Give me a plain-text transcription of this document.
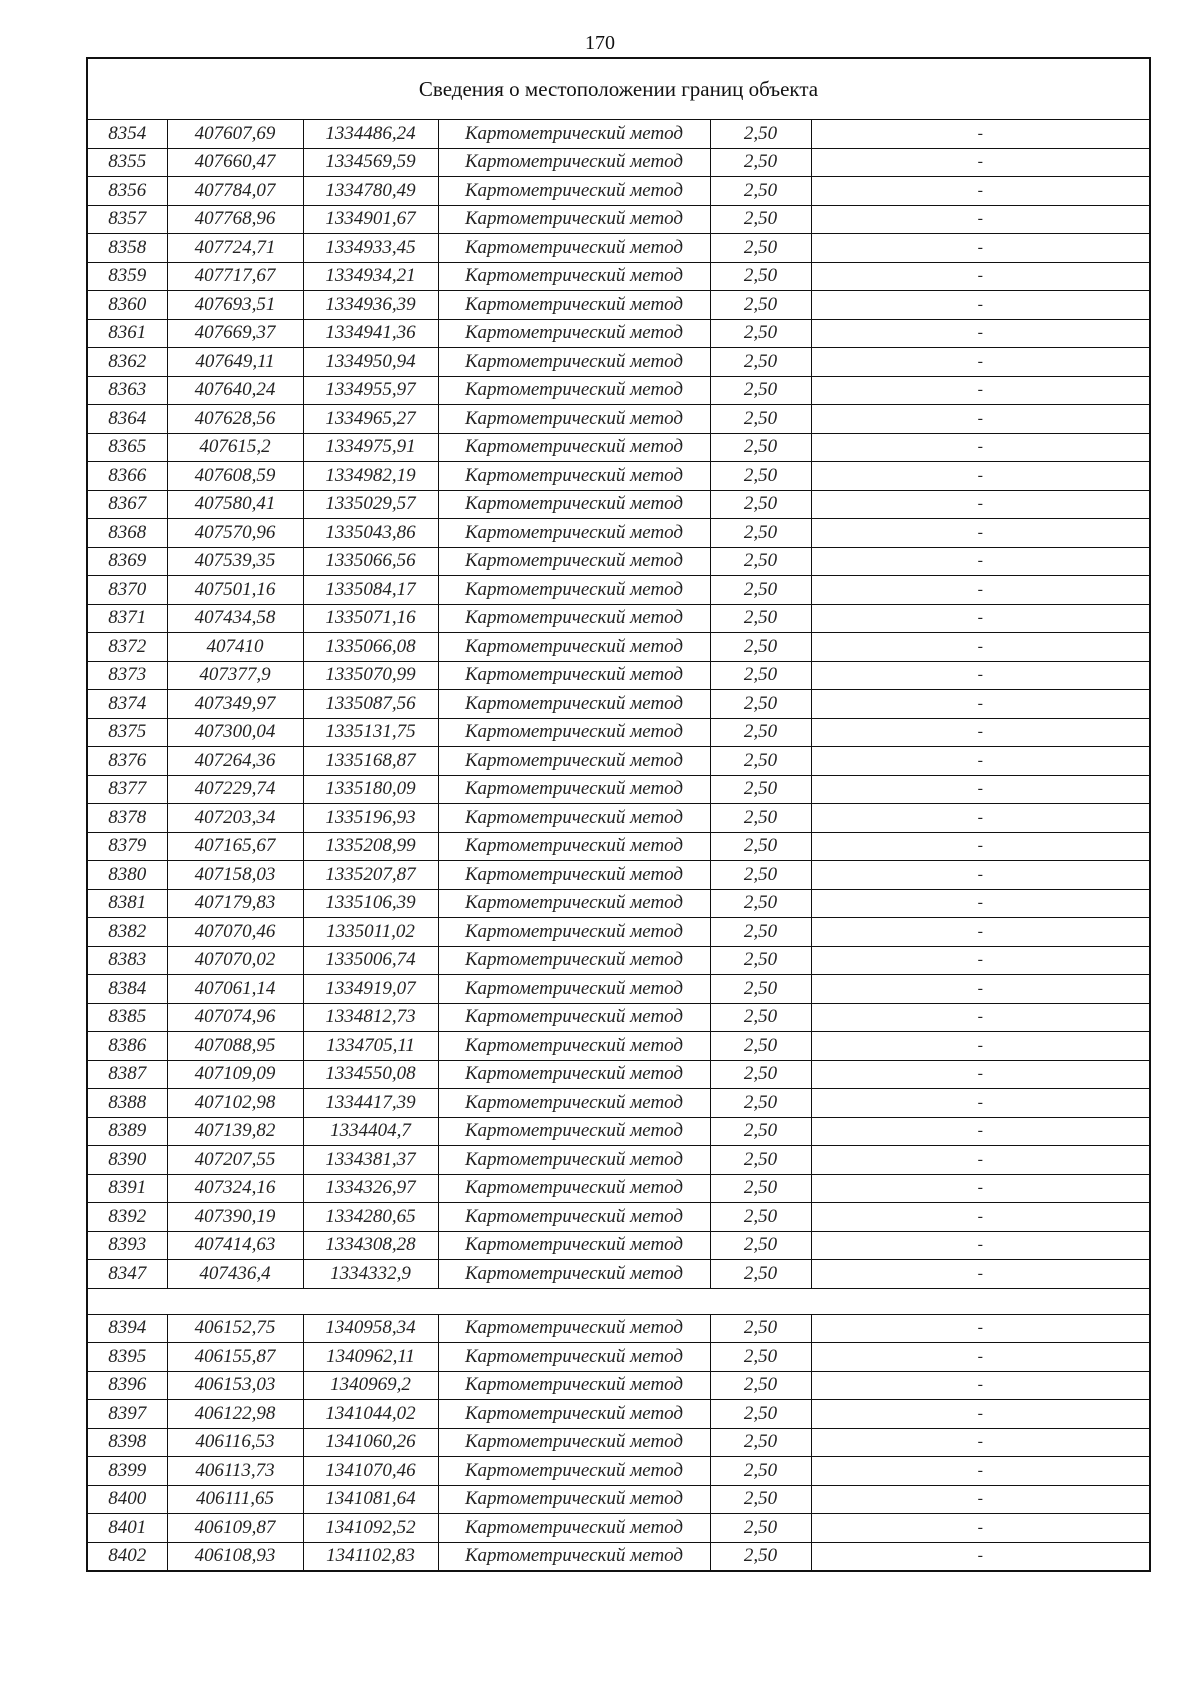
170
Сведения о местоположении границ объекта					
8354	407607,69	1334486,24	Картометрический метод	2,50	-
8355	407660,47	1334569,59	Картометрический метод	2,50	-
8356	407784,07	1334780,49	Картометрический метод	2,50	-
8357	407768,96	1334901,67	Картометрический метод	2,50	-
8358	407724,71	1334933,45	Картометрический метод	2,50	-
8359	407717,67	1334934,21	Картометрический метод	2,50	-
8360	407693,51	1334936,39	Картометрический метод	2,50	-
8361	407669,37	1334941,36	Картометрический метод	2,50	-
8362	407649,11	1334950,94	Картометрический метод	2,50	-
8363	407640,24	1334955,97	Картометрический метод	2,50	-
8364	407628,56	1334965,27	Картометрический метод	2,50	-
8365	407615,2	1334975,91	Картометрический метод	2,50	-
8366	407608,59	1334982,19	Картометрический метод	2,50	-
8367	407580,41	1335029,57	Картометрический метод	2,50	-
8368	407570,96	1335043,86	Картометрический метод	2,50	-
8369	407539,35	1335066,56	Картометрический метод	2,50	-
8370	407501,16	1335084,17	Картометрический метод	2,50	-
8371	407434,58	1335071,16	Картометрический метод	2,50	-
8372	407410	1335066,08	Картометрический метод	2,50	-
8373	407377,9	1335070,99	Картометрический метод	2,50	-
8374	407349,97	1335087,56	Картометрический метод	2,50	-
8375	407300,04	1335131,75	Картометрический метод	2,50	-
8376	407264,36	1335168,87	Картометрический метод	2,50	-
8377	407229,74	1335180,09	Картометрический метод	2,50	-
8378	407203,34	1335196,93	Картометрический метод	2,50	-
8379	407165,67	1335208,99	Картометрический метод	2,50	-
8380	407158,03	1335207,87	Картометрический метод	2,50	-
8381	407179,83	1335106,39	Картометрический метод	2,50	-
8382	407070,46	1335011,02	Картометрический метод	2,50	-
8383	407070,02	1335006,74	Картометрический метод	2,50	-
8384	407061,14	1334919,07	Картометрический метод	2,50	-
8385	407074,96	1334812,73	Картометрический метод	2,50	-
8386	407088,95	1334705,11	Картометрический метод	2,50	-
8387	407109,09	1334550,08	Картометрический метод	2,50	-
8388	407102,98	1334417,39	Картометрический метод	2,50	-
8389	407139,82	1334404,7	Картометрический метод	2,50	-
8390	407207,55	1334381,37	Картометрический метод	2,50	-
8391	407324,16	1334326,97	Картометрический метод	2,50	-
8392	407390,19	1334280,65	Картометрический метод	2,50	-
8393	407414,63	1334308,28	Картометрический метод	2,50	-
8347	407436,4	1334332,9	Картометрический метод	2,50	-

8394	406152,75	1340958,34	Картометрический метод	2,50	-
8395	406155,87	1340962,11	Картометрический метод	2,50	-
8396	406153,03	1340969,2	Картометрический метод	2,50	-
8397	406122,98	1341044,02	Картометрический метод	2,50	-
8398	406116,53	1341060,26	Картометрический метод	2,50	-
8399	406113,73	1341070,46	Картометрический метод	2,50	-
8400	406111,65	1341081,64	Картометрический метод	2,50	-
8401	406109,87	1341092,52	Картометрический метод	2,50	-
8402	406108,93	1341102,83	Картометрический метод	2,50	-
